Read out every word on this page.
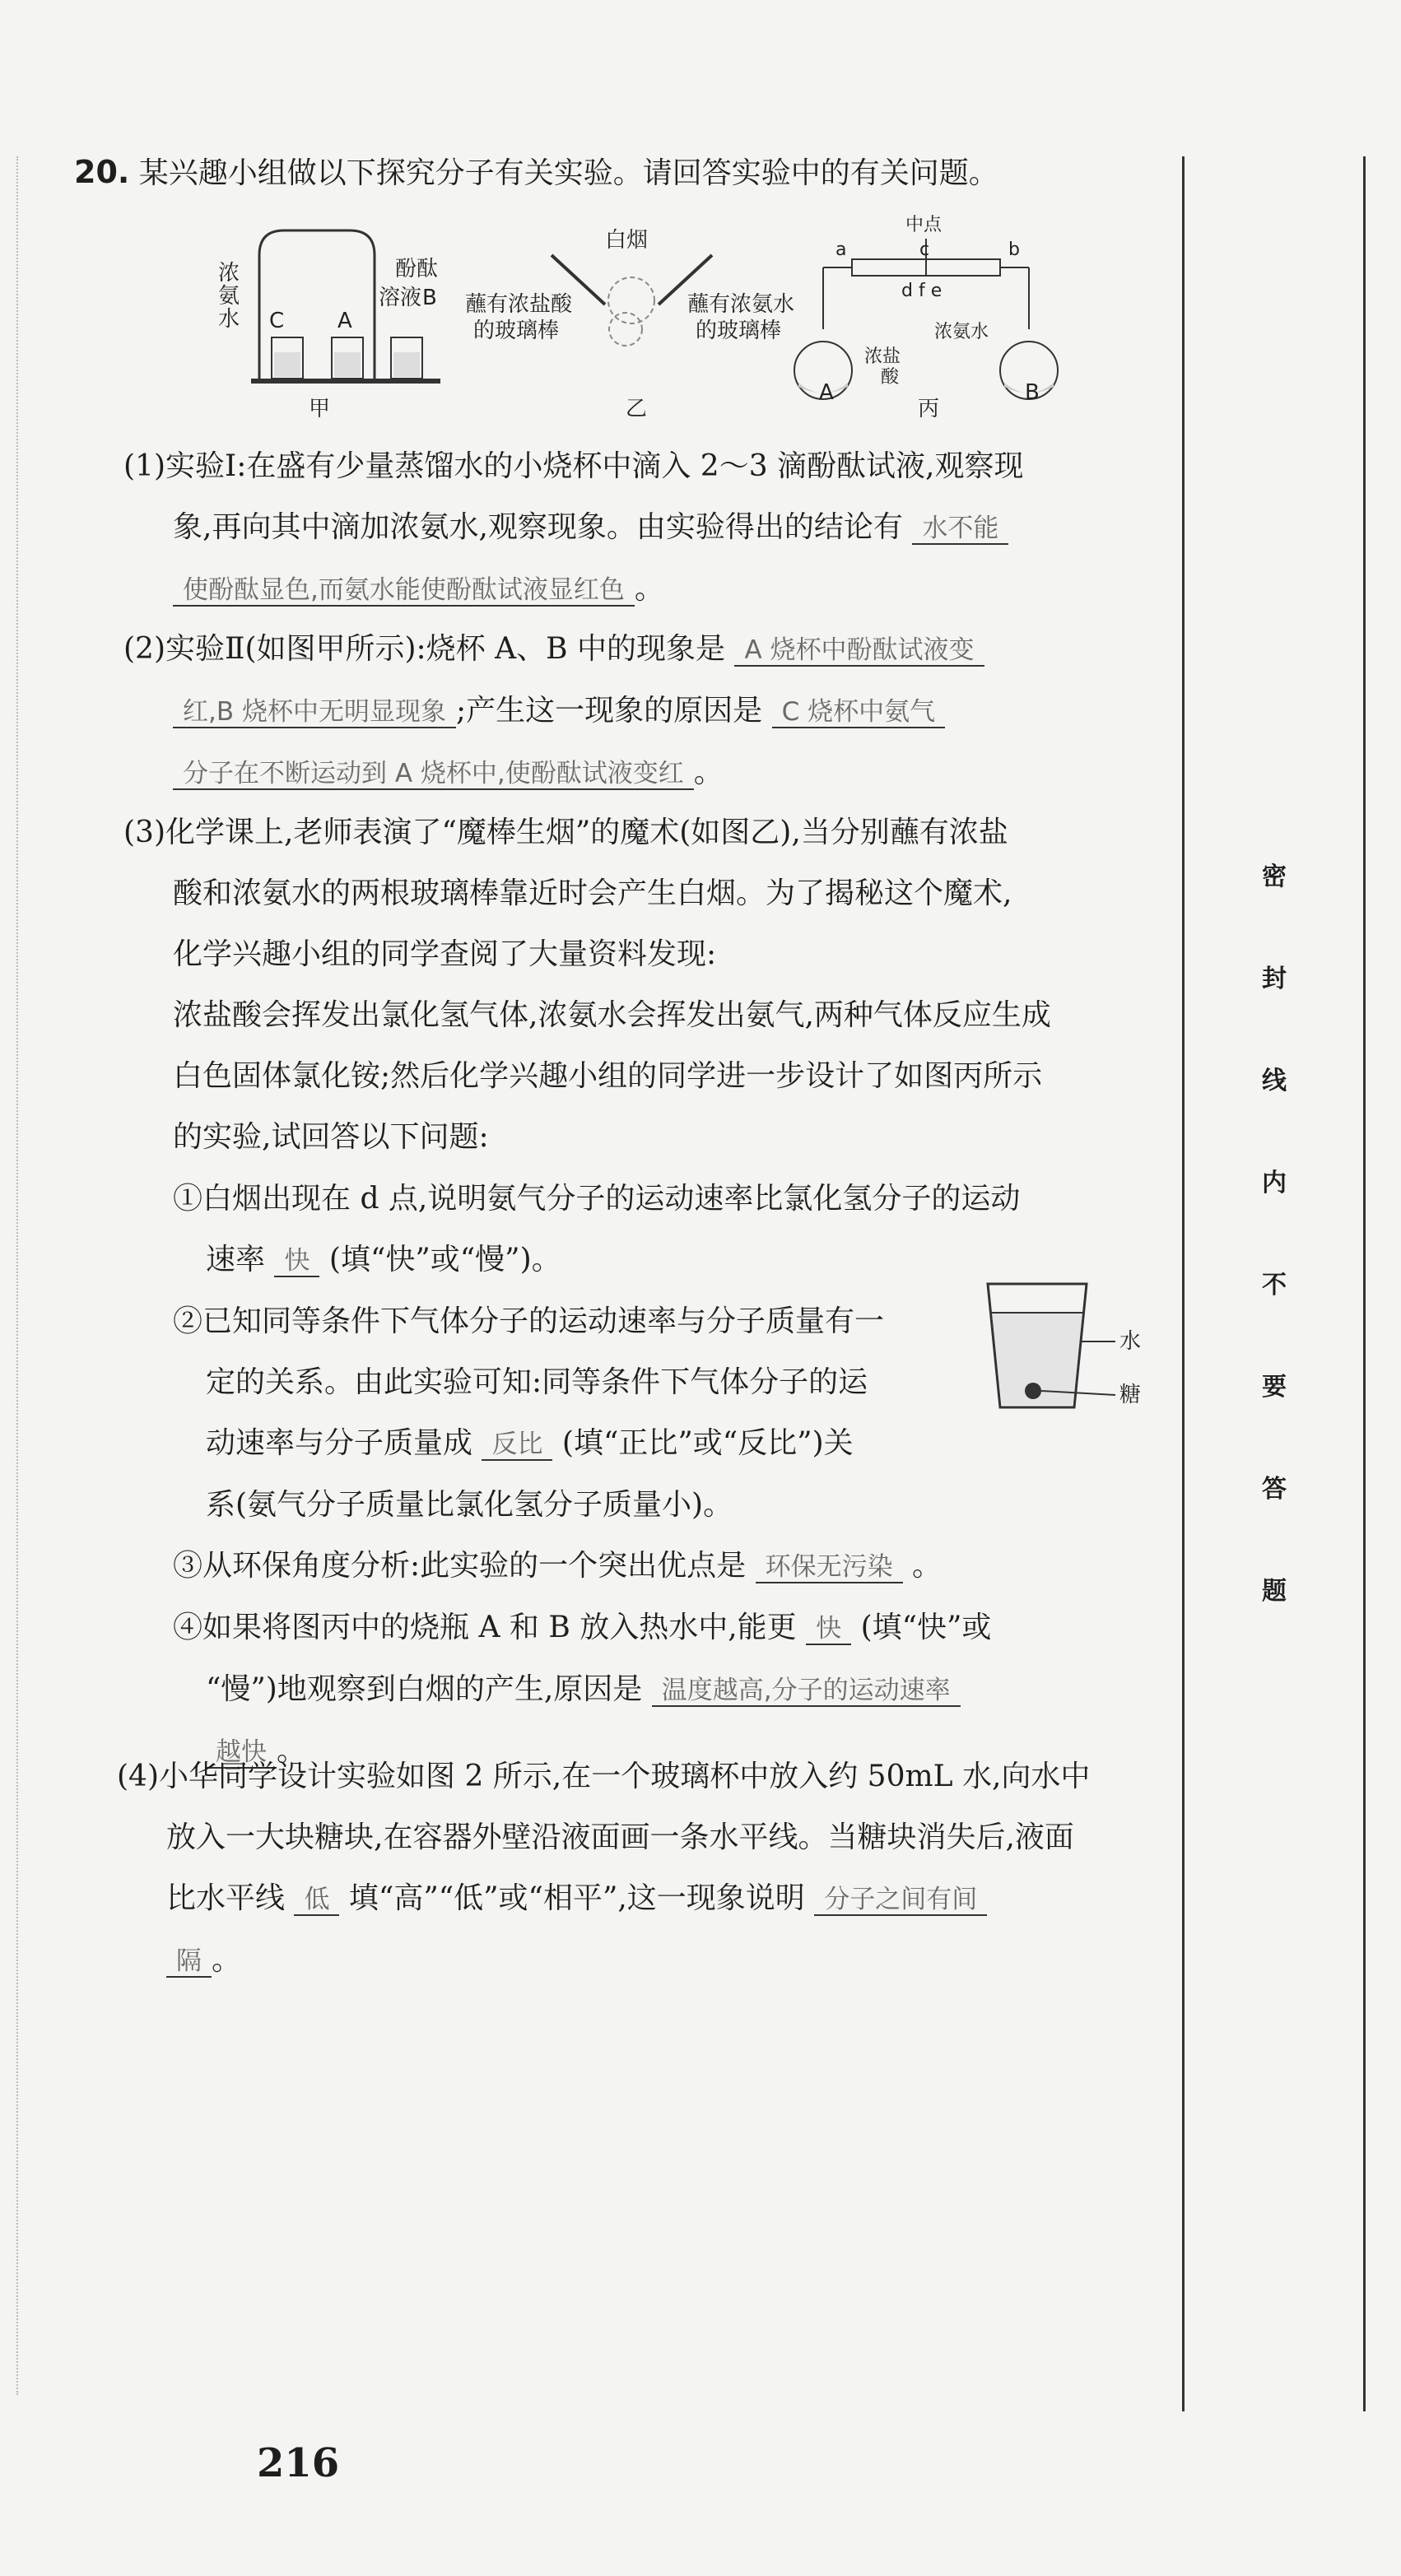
密
封
线
内
不
要
答
题
20. 某兴趣小组做以下探究分子有关实验。请回答实验中的有关问题。
浓
氨
水 C A
B
酚酞
溶液
甲
白烟
蘸有浓盐酸
的玻璃棒
蘸有浓氨水
的玻璃棒
乙
中点
a	b
c
d f e
A	B
浓盐
酸
浓氨水
丙
(1)实验Ⅰ:在盛有少量蒸馏水的小烧杯中滴入 2～3 滴酚酞试液,观察现
象,再向其中滴加浓氨水,观察现象。由实验得出的结论有 水不能
使酚酞显色,而氨水能使酚酞试液显红色 。
(2)实验Ⅱ(如图甲所示):烧杯 A、B 中的现象是 A 烧杯中酚酞试液变
红,B 烧杯中无明显现象 ;产生这一现象的原因是 C 烧杯中氨气
分子在不断运动到 A 烧杯中,使酚酞试液变红 。
(3)化学课上,老师表演了“魔棒生烟”的魔术(如图乙),当分别蘸有浓盐
酸和浓氨水的两根玻璃棒靠近时会产生白烟。为了揭秘这个魔术,
化学兴趣小组的同学查阅了大量资料发现:
浓盐酸会挥发出氯化氢气体,浓氨水会挥发出氨气,两种气体反应生成
白色固体氯化铵;然后化学兴趣小组的同学进一步设计了如图丙所示
的实验,试回答以下问题:
①白烟出现在 d 点,说明氨气分子的运动速率比氯化氢分子的运动
速率 快 (填“快”或“慢”)。
②已知同等条件下气体分子的运动速率与分子质量有一
定的关系。由此实验可知:同等条件下气体分子的运
动速率与分子质量成 反比 (填“正比”或“反比”)关
系(氨气分子质量比氯化氢分子质量小)。
③从环保角度分析:此实验的一个突出优点是 环保无污染 。
④如果将图丙中的烧瓶 A 和 B 放入热水中,能更 快 (填“快”或
“慢”)地观察到白烟的产生,原因是 温度越高,分子的运动速率
越快 。
水
糖
(4)小华同学设计实验如图 2 所示,在一个玻璃杯中放入约 50mL 水,向水中
放入一大块糖块,在容器外壁沿液面画一条水平线。当糖块消失后,液面
比水平线 低 填“高”“低”或“相平”,这一现象说明 分子之间有间
隔 。
216
